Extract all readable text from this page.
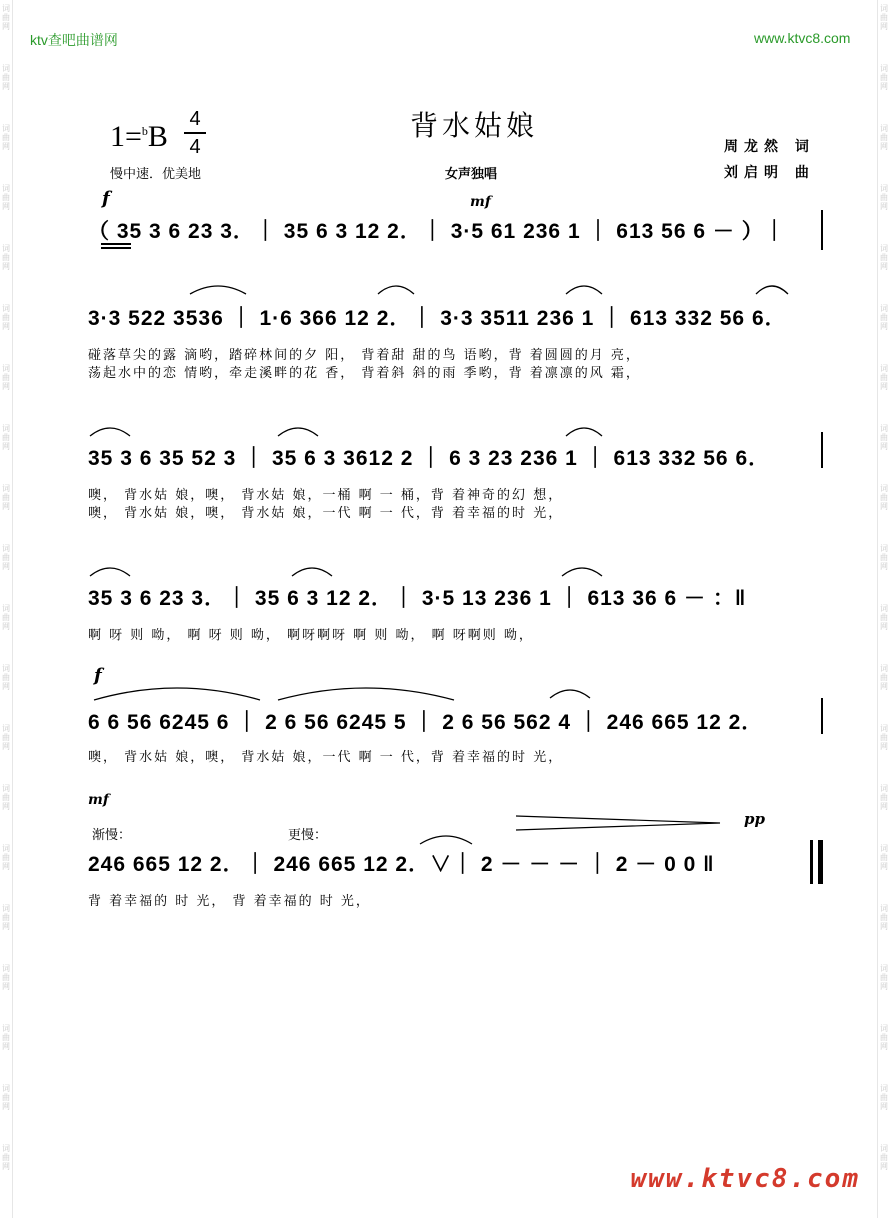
词曲网
词曲网
词曲网
词曲网
词曲网
词曲网
词曲网
词曲网
词曲网
词曲网
词曲网
词曲网
词曲网
词曲网
词曲网
词曲网
词曲网
词曲网
词曲网
词曲网
词曲网
词曲网
词曲网
词曲网
词曲网
词曲网
词曲网
词曲网
词曲网
词曲网
词曲网
词曲网
词曲网
词曲网
词曲网
词曲网
词曲网
词曲网
词曲网
词曲网
ktv查吧曲谱网	www.ktvc8.com
背水姑娘
1=$^b$B
4
4
慢中速．优美地	女声独唱
周龙然 词
刘启明 曲
f	mf
（ 35 3 6 23 3．｜ 35 6 3 12 2．｜ 3·5 61 236 1 ｜ 613 56 6 － ）｜
3·3 522 3536 ｜ 1·6 366 12 2．｜ 3·3 3511 236 1 ｜ 613 332 56 6．
碰落草尖的露 滴哟，踏碎林间的夕 阳， 背着甜 甜的鸟 语哟，背 着圆圆的月 亮，
荡起水中的恋 情哟，牵走溪畔的花 香， 背着斜 斜的雨 季哟，背 着凛凛的风 霜，
35 3 6 35 52 3 ｜ 35 6 3 3612 2 ｜ 6 3 23 236 1 ｜ 613 332 56 6．
噢， 背水姑 娘，噢， 背水姑 娘，一桶 啊 一 桶，背 着神奇的幻 想，
噢， 背水姑 娘，噢， 背水姑 娘，一代 啊 一 代，背 着幸福的时 光，
35 3 6 23 3．｜ 35 6 3 12 2．｜ 3·5 13 236 1 ｜ 613 36 6 － ：‖
啊 呀 则 呦， 啊 呀 则 呦， 啊呀啊呀 啊 则 呦， 啊 呀啊则 呦，
f
6 6 56 6245 6 ｜ 2 6 56 6245 5 ｜ 2 6 56 562 4 ｜ 246 665 12 2．
噢， 背水姑 娘，噢， 背水姑 娘，一代 啊 一 代，背 着幸福的时 光，
mf
渐慢：	更慢：
pp
246 665 12 2．｜ 246 665 12 2．∨｜ 2 － － － ｜ 2 － 0 0 ‖
背 着幸福的 时 光， 背 着幸福的 时 光，
www.ktvc8.com
